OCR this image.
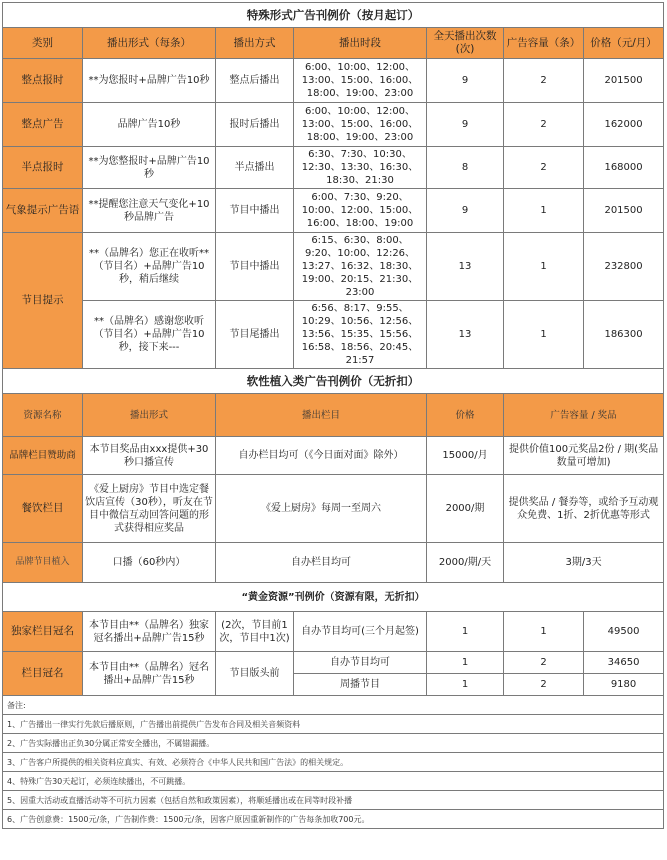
特殊形式广告刊例价（按月起订）						
类别	播出形式（每条）	播出方式	播出时段	全天播出次数(次)	广告容量（条）	价格（元/月）
整点报时	**为您报时+品牌广告10秒	整点后播出	6:00、10:00、12:00、13:00、15:00、16:00、18:00、19:00、23:00	9	2	201500
整点广告	品牌广告10秒	报时后播出	6:00、10:00、12:00、13:00、15:00、16:00、18:00、19:00、23:00	9	2	162000
半点报时	**为您整报时+品牌广告10秒	半点播出	6:30、7:30、10:30、12:30、13:30、16:30、18:30、21:30	8	2	168000
气象提示广告语	**提醒您注意天气变化+10秒品牌广告	节目中播出	6:00、7:30、9:20、10:00、12:00、15:00、16:00、18:00、19:00	9	1	201500
节目提示	**（品牌名）您正在收听**（节目名）+品牌广告10秒，稍后继续	节目中播出	6:15、6:30、8:00、9:20、10:00、12:26、13:27、16:32、18:30、19:00、20:15、21:30、23:00	13	1	232800
	**（品牌名）感谢您收听（节目名）+品牌广告10秒，接下来---	节目尾播出	6:56、8:17、9:55、10:29、10:56、12:56、13:56、15:35、15:56、16:58、18:56、20:45、21:57	13	1	186300
软性植入类广告刊例价（无折扣）						
资源名称	播出形式	播出栏目		价格	广告容量 / 奖品	
品牌栏目赞助商	本节目奖品由xxx提供+30秒口播宣传	自办栏目均可（《今日面对面》除外）		15000/月	提供价值100元奖品2份 / 期(奖品数量可增加)	
餐饮栏目	《爱上厨房》节目中选定餐饮店宣传（30秒），听友在节目中微信互动回答问题的形式获得相应奖品	《爱上厨房》每周一至周六		2000/期	提供奖品 / 餐券等，或给予互动观众免费、1折、2折优惠等形式	
品牌节目植入	口播（60秒内）	自办栏目均可		2000/期/天	3期/3天	
“黄金资源”刊例价（资源有限，无折扣）						
独家栏目冠名	本节目由**（品牌名）独家冠名播出+品牌广告15秒	(2次，节目前1次，节目中1次)	自办节目均可(三个月起签)	1	1	49500
栏目冠名	本节目由**（品牌名）冠名播出+品牌广告15秒	节目版头前	自办节目均可	1	2	34650
			周播节目	1	2	9180
备注:						
1、广告播出一律实行先款后播原则，广告播出前提供广告发布合同及相关音频资料						
2、广告实际播出正负30分属正常安全播出，不属错漏播。						
3、广告客户所提供的相关资料应真实、有效、必须符合《中华人民共和国广告法》的相关规定。						
4、特殊广告30天起订，必须连续播出，不可跳播。						
5、因重大活动或直播活动等不可抗力因素（包括自然和政策因素），将顺延播出或在同等时段补播						
6、广告创意费：1500元/条，广告制作费：1500元/条，因客户原因重新制作的广告每条加收700元。						
